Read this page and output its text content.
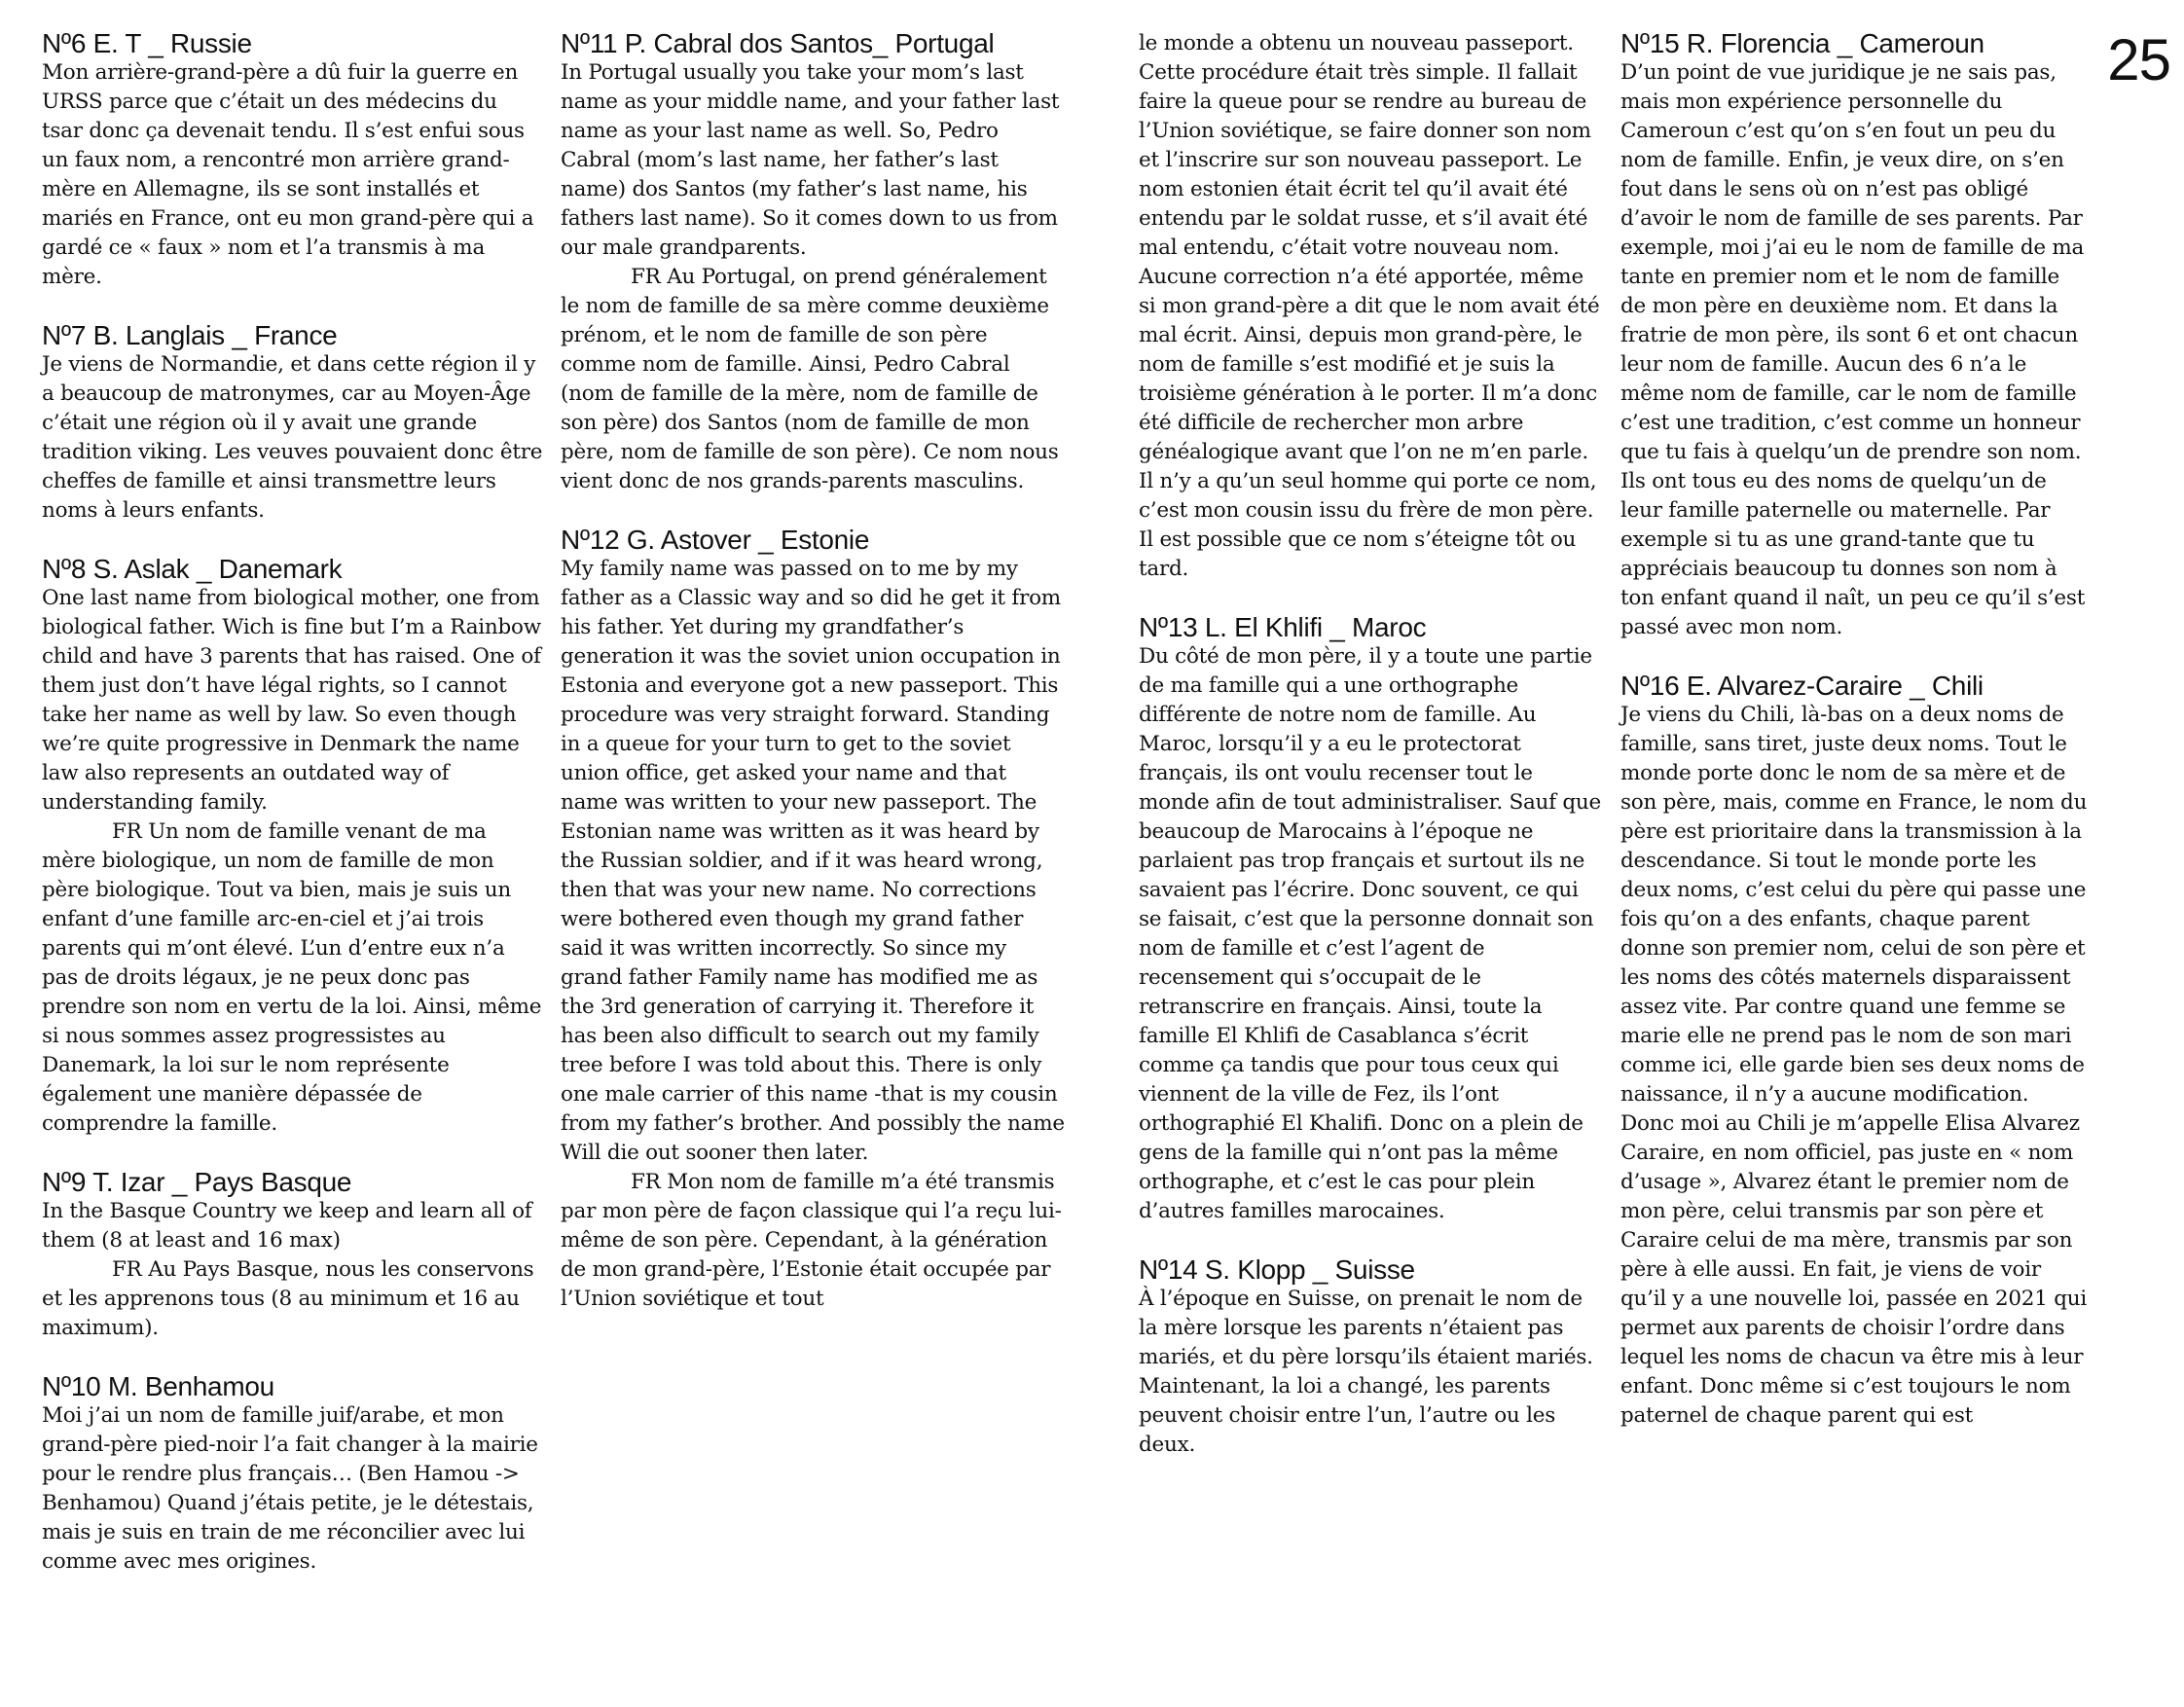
Nº6 E. T _ Russie
Mon arrière-grand-père a dû fuir la guerre en URSS parce que c’était un des médecins du tsar donc ça devenait tendu. Il s’est enfui sous un faux nom, a rencontré mon arrière grand-mère en Allemagne, ils se sont installés et mariés en France, ont eu mon grand-père qui a gardé ce « faux » nom et l’a transmis à ma mère.
Nº7 B. Langlais _ France
Je viens de Normandie, et dans cette région il y a beaucoup de matronymes, car au Moyen-Âge c’était une région où il y avait une grande tradition viking. Les veuves pouvaient donc être cheffes de famille et ainsi transmettre leurs noms à leurs enfants.
Nº8 S. Aslak _ Danemark
One last name from biological mother, one from biological father. Wich is fine but I’m a Rainbow child and have 3 parents that has raised. One of them just don’t have légal rights, so I cannot take her name as well by law. So even though we’re quite progressive in Denmark the name law also represents an outdated way of understanding family.
FR Un nom de famille venant de ma mère biologique, un nom de famille de mon père biologique. Tout va bien, mais je suis un enfant d’une famille arc-en-ciel et j’ai trois parents qui m’ont élevé. L’un d’entre eux n’a pas de droits légaux, je ne peux donc pas prendre son nom en vertu de la loi. Ainsi, même si nous sommes assez progressistes au Danemark, la loi sur le nom représente également une manière dépassée de comprendre la famille.
Nº9 T. Izar _ Pays Basque
In the Basque Country we keep and learn all of them (8 at least and 16 max)
FR Au Pays Basque, nous les conservons et les apprenons tous (8 au minimum et 16 au maximum).
Nº10 M. Benhamou
Moi j’ai un nom de famille juif/arabe, et mon grand-père pied-noir l’a fait changer à la mairie pour le rendre plus français… (Ben Hamou -> Benhamou) Quand j’étais petite, je le détestais, mais je suis en train de me réconcilier avec lui comme avec mes origines.
Nº11 P. Cabral dos Santos_ Portugal
In Portugal usually you take your mom’s last name as your middle name, and your father last name as your last name as well. So, Pedro Cabral (mom’s last name, her father’s last name) dos Santos (my father’s last name, his fathers last name). So it comes down to us from our male grandparents.
FR Au Portugal, on prend généralement le nom de famille de sa mère comme deuxième prénom, et le nom de famille de son père comme nom de famille. Ainsi, Pedro Cabral (nom de famille de la mère, nom de famille de son père) dos Santos (nom de famille de mon père, nom de famille de son père). Ce nom nous vient donc de nos grands-parents masculins.
Nº12 G. Astover _ Estonie
My family name was passed on to me by my father as a Classic way and so did he get it from his father. Yet during my grandfather’s generation it was the soviet union occupation in Estonia and everyone got a new passeport. This procedure was very straight forward. Standing in a queue for your turn to get to the soviet union office, get asked your name and that name was written to your new passeport. The Estonian name was written as it was heard by the Russian soldier, and if it was heard wrong, then that was your new name. No corrections were bothered even though my grand father said it was written incorrectly. So since my grand father Family name has modified me as the 3rd generation of carrying it. Therefore it has been also difficult to search out my family tree before I was told about this. There is only one male carrier of this name -that is my cousin from my father’s brother. And possibly the name Will die out sooner then later.
FR Mon nom de famille m’a été transmis par mon père de façon classique qui l’a reçu lui-même de son père. Cependant, à la génération de mon grand-père, l’Estonie était occupée par l’Union soviétique et tout
le monde a obtenu un nouveau passeport. Cette procédure était très simple. Il fallait faire la queue pour se rendre au bureau de l’Union soviétique, se faire donner son nom et l’inscrire sur son nouveau passeport. Le nom estonien était écrit tel qu’il avait été entendu par le soldat russe, et s’il avait été mal entendu, c’était votre nouveau nom. Aucune correction n’a été apportée, même si mon grand-père a dit que le nom avait été mal écrit. Ainsi, depuis mon grand-père, le nom de famille s’est modifié et je suis la troisième génération à le porter. Il m’a donc été difficile de rechercher mon arbre généalogique avant que l’on ne m’en parle. Il n’y a qu’un seul homme qui porte ce nom, c’est mon cousin issu du frère de mon père. Il est possible que ce nom s’éteigne tôt ou tard.
Nº13 L. El Khlifi _ Maroc
Du côté de mon père, il y a toute une partie de ma famille qui a une orthographe différente de notre nom de famille. Au Maroc, lorsqu’il y a eu le protectorat français, ils ont voulu recenser tout le monde afin de tout administraliser. Sauf que beaucoup de Marocains à l’époque ne parlaient pas trop français et surtout ils ne savaient pas l’écrire. Donc souvent, ce qui se faisait, c’est que la personne donnait son nom de famille et c’est l’agent de recensement qui s’occupait de le retranscrire en français. Ainsi, toute la famille El Khlifi de Casablanca s’écrit comme ça tandis que pour tous ceux qui viennent de la ville de Fez, ils l’ont orthographié El Khalifi. Donc on a plein de gens de la famille qui n’ont pas la même orthographe, et c’est le cas pour plein d’autres familles marocaines.
Nº14 S. Klopp _ Suisse
À l’époque en Suisse, on prenait le nom de la mère lorsque les parents n’étaient pas mariés, et du père lorsqu’ils étaient mariés. Maintenant, la loi a changé, les parents peuvent choisir entre l’un, l’autre ou les deux.
Nº15 R. Florencia _ Cameroun
D’un point de vue juridique je ne sais pas, mais mon expérience personnelle du Cameroun c’est qu’on s’en fout un peu du nom de famille. Enfin, je veux dire, on s’en fout dans le sens où on n’est pas obligé d’avoir le nom de famille de ses parents. Par exemple, moi j’ai eu le nom de famille de ma tante en premier nom et le nom de famille de mon père en deuxième nom. Et dans la fratrie de mon père, ils sont 6 et ont chacun leur nom de famille. Aucun des 6 n’a le même nom de famille, car le nom de famille c’est une tradition, c’est comme un honneur que tu fais à quelqu’un de prendre son nom. Ils ont tous eu des noms de quelqu’un de leur famille paternelle ou maternelle. Par exemple si tu as une grand-tante que tu appréciais beaucoup tu donnes son nom à ton enfant quand il naît, un peu ce qu’il s’est passé avec mon nom.
Nº16 E. Alvarez-Caraire _ Chili
Je viens du Chili, là-bas on a deux noms de famille, sans tiret, juste deux noms. Tout le monde porte donc le nom de sa mère et de son père, mais, comme en France, le nom du père est prioritaire dans la transmission à la descendance. Si tout le monde porte les deux noms, c’est celui du père qui passe une fois qu’on a des enfants, chaque parent donne son premier nom, celui de son père et les noms des côtés maternels disparaissent assez vite. Par contre quand une femme se marie elle ne prend pas le nom de son mari comme ici, elle garde bien ses deux noms de naissance, il n’y a aucune modification. Donc moi au Chili je m’appelle Elisa Alvarez Caraire, en nom officiel, pas juste en « nom d’usage », Alvarez étant le premier nom de mon père, celui transmis par son père et Caraire celui de ma mère, transmis par son père à elle aussi. En fait, je viens de voir qu’il y a une nouvelle loi, passée en 2021 qui permet aux parents de choisir l’ordre dans lequel les noms de chacun va être mis à leur enfant. Donc même si c’est toujours le nom paternel de chaque parent qui est
25
